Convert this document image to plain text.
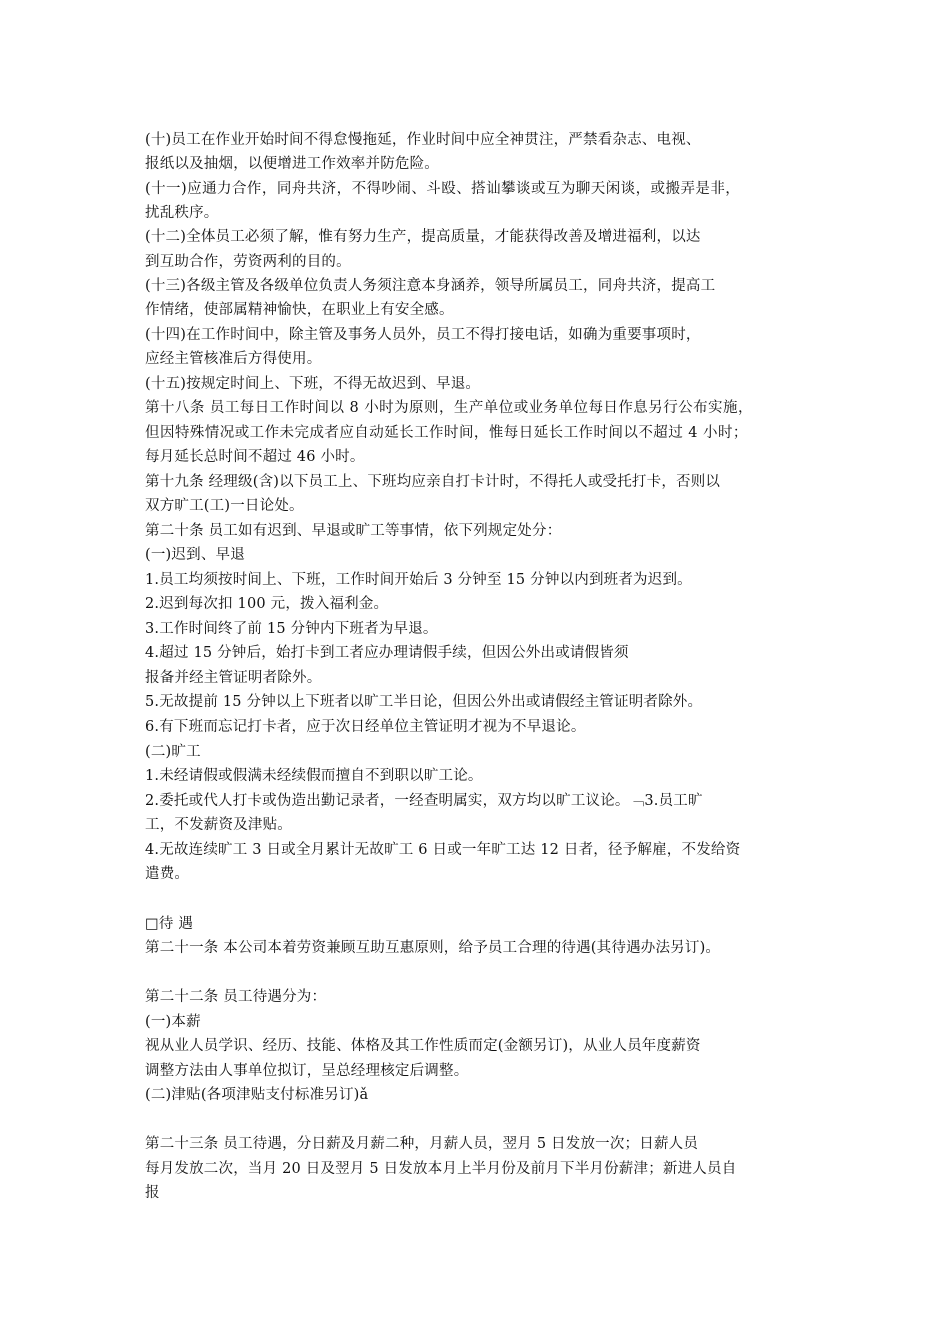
(十)员工在作业开始时间不得怠慢拖延，作业时间中应全神贯注，严禁看杂志、电视、
报纸以及抽烟，以便增进工作效率并防危险。
(十一)应通力合作，同舟共济，不得吵闹、斗殴、搭讪攀谈或互为聊天闲谈，或搬弄是非，
扰乱秩序。
(十二)全体员工必须了解，惟有努力生产，提高质量，才能获得改善及增进福利，以达
到互助合作，劳资两利的目的。
(十三)各级主管及各级单位负责人务须注意本身涵养，领导所属员工，同舟共济，提高工
作情绪，使部属精神愉快，在职业上有安全感。
(十四)在工作时间中，除主管及事务人员外，员工不得打接电话，如确为重要事项时，
应经主管核准后方得使用。
(十五)按规定时间上、下班，不得无故迟到、早退。
第十八条 员工每日工作时间以 8 小时为原则，生产单位或业务单位每日作息另行公布实施，
但因特殊情况或工作未完成者应自动延长工作时间，惟每日延长工作时间以不超过 4 小时；
每月延长总时间不超过 46 小时。
第十九条 经理级(含)以下员工上、下班均应亲自打卡计时，不得托人或受托打卡，否则以
双方旷工(工)一日论处。
第二十条 员工如有迟到、早退或旷工等事情，依下列规定处分：
(一)迟到、早退
1.员工均须按时间上、下班，工作时间开始后 3 分钟至 15 分钟以内到班者为迟到。
2.迟到每次扣 100 元，拨入福利金。
3.工作时间终了前 15 分钟内下班者为早退。
4.超过 15 分钟后，始打卡到工者应办理请假手续，但因公外出或请假皆须
报备并经主管证明者除外。
5.无故提前 15 分钟以上下班者以旷工半日论，但因公外出或请假经主管证明者除外。
6.有下班而忘记打卡者，应于次日经单位主管证明才视为不早退论。
(二)旷工
1.未经请假或假满未经续假而擅自不到职以旷工论。
2.委托或代人打卡或伪造出勤记录者，一经查明属实，双方均以旷工议论。﹁3.员工旷
工，不发薪资及津贴。
4.无故连续旷工 3 日或全月累计无故旷工 6 日或一年旷工达 12 日者，径予解雇，不发给资
遣费。
□待 遇
第二十一条 本公司本着劳资兼顾互助互惠原则，给予员工合理的待遇(其待遇办法另订)。
第二十二条 员工待遇分为：
(一)本薪
视从业人员学识、经历、技能、体格及其工作性质而定(金额另订)，从业人员年度薪资
调整方法由人事单位拟订，呈总经理核定后调整。
(二)津贴(各项津贴支付标准另订)ǎ
第二十三条 员工待遇，分日薪及月薪二种，月薪人员，翌月 5 日发放一次；日薪人员
每月发放二次，当月 20 日及翌月 5 日发放本月上半月份及前月下半月份薪津；新进人员自
报
